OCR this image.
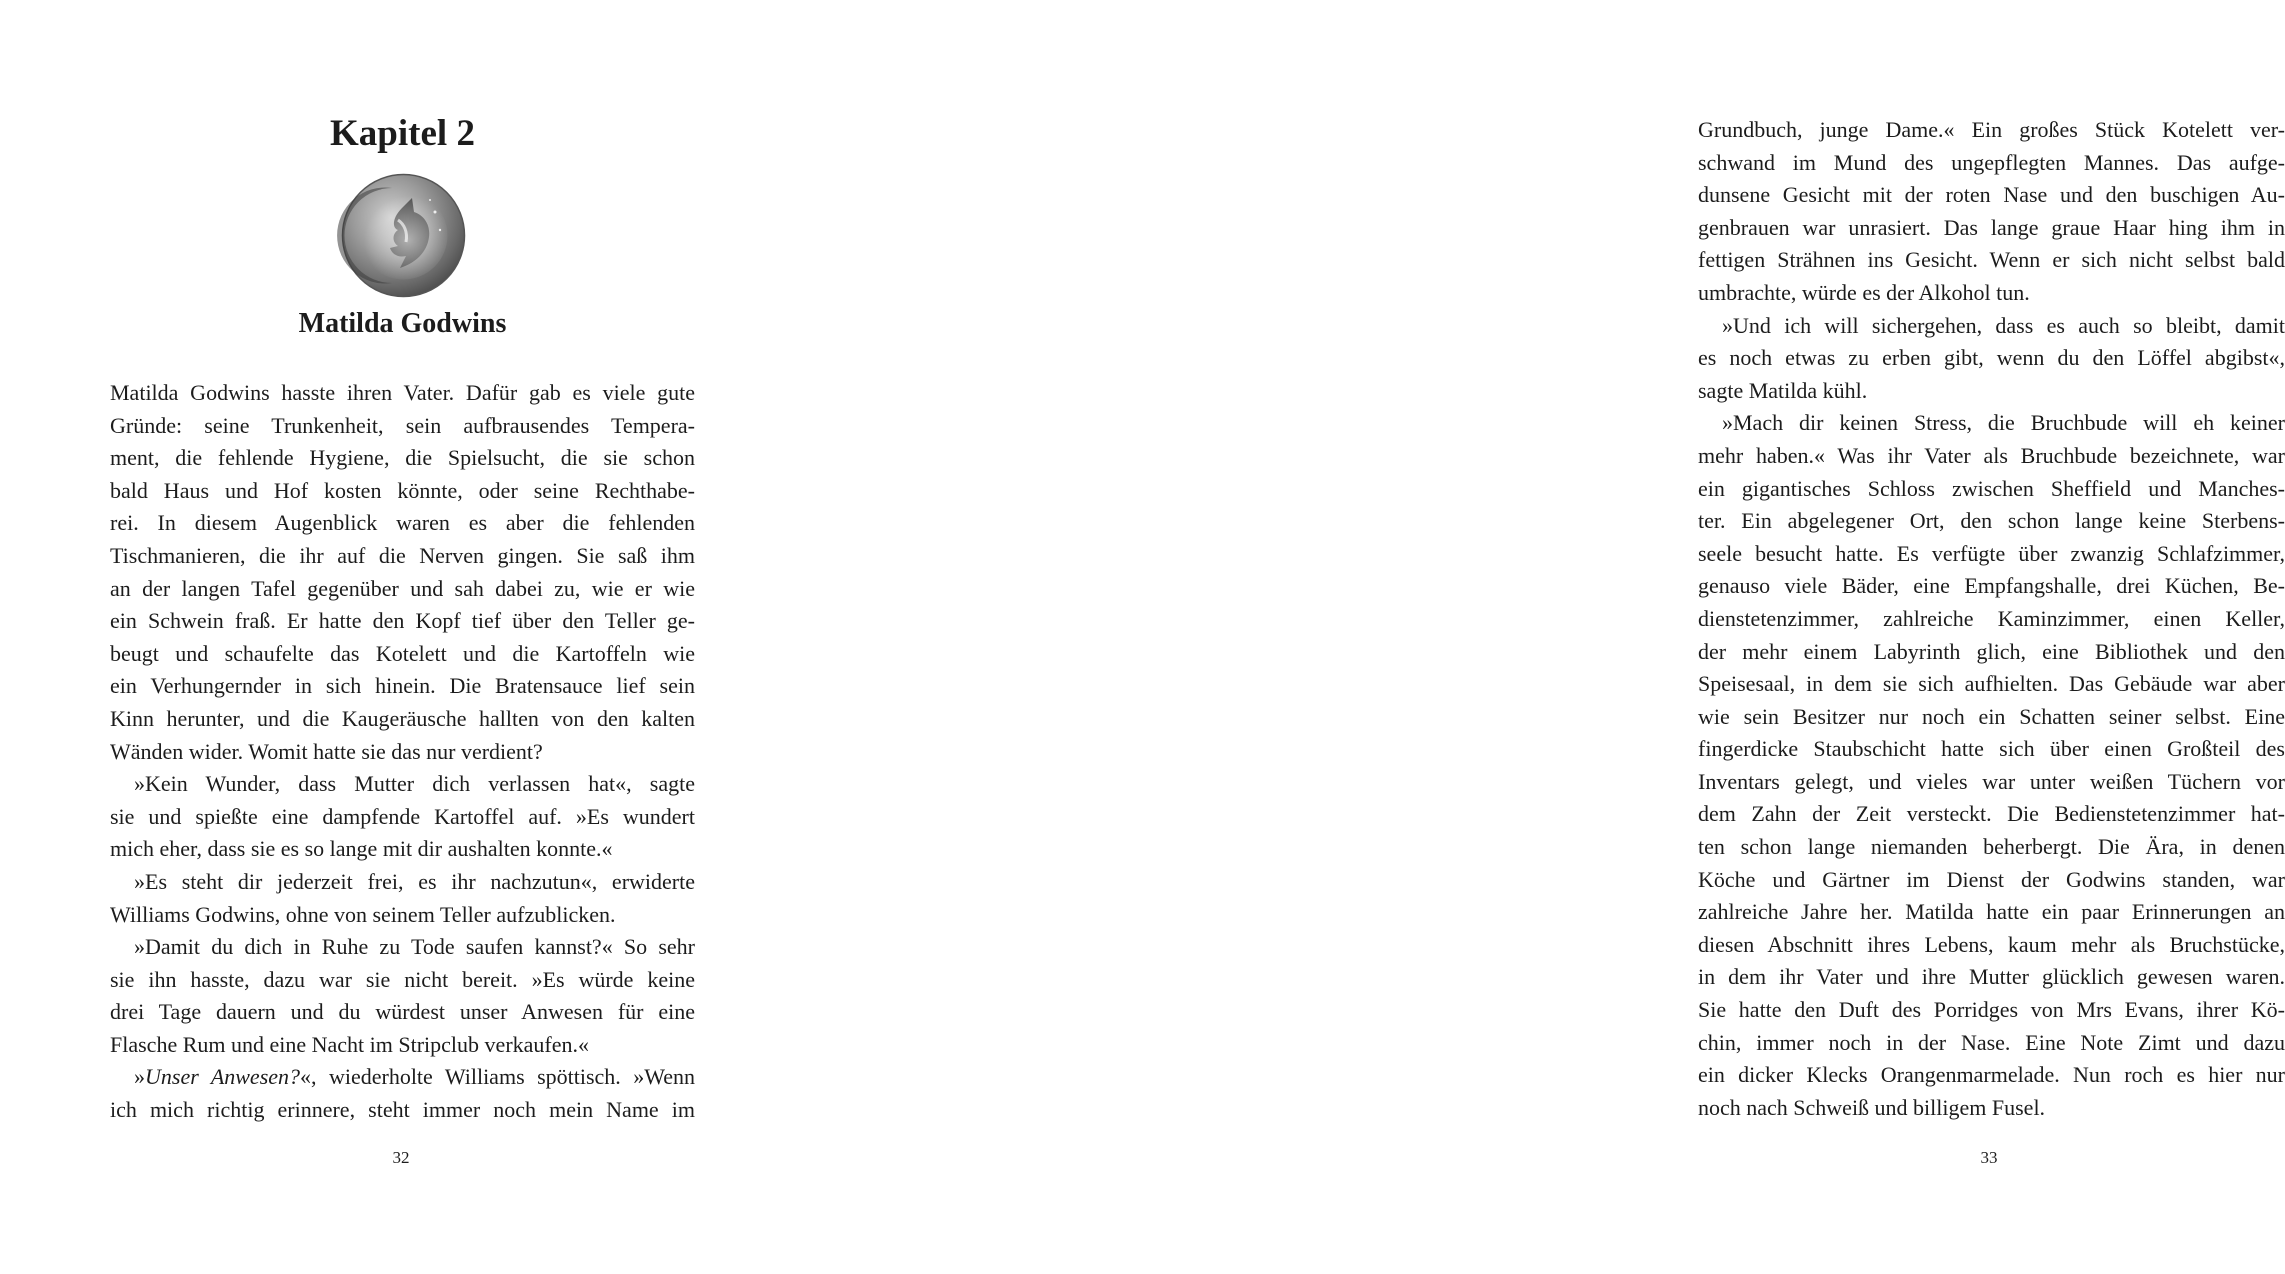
Kapitel 2
Matilda Godwins
Matilda Godwins hasste ihren Vater. Dafür gab es viele gute
Gründe: seine Trunkenheit, sein aufbrausendes Tempera-
ment, die fehlende Hygiene, die Spielsucht, die sie schon
bald Haus und Hof kosten könnte, oder seine Rechthabe-
rei. In diesem Augenblick waren es aber die fehlenden
Tischmanieren, die ihr auf die Nerven gingen. Sie saß ihm
an der langen Tafel gegenüber und sah dabei zu, wie er wie
ein Schwein fraß. Er hatte den Kopf tief über den Teller ge-
beugt und schaufelte das Kotelett und die Kartoffeln wie
ein Verhungernder in sich hinein. Die Bratensauce lief sein
Kinn herunter, und die Kaugeräusche hallten von den kalten
Wänden wider. Womit hatte sie das nur verdient?
»Kein Wunder, dass Mutter dich verlassen hat«, sagte
sie und spießte eine dampfende Kartoffel auf. »Es wundert
mich eher, dass sie es so lange mit dir aushalten konnte.«
»Es steht dir jederzeit frei, es ihr nachzutun«, erwiderte
Williams Godwins, ohne von seinem Teller aufzublicken.
»Damit du dich in Ruhe zu Tode saufen kannst?« So sehr
sie ihn hasste, dazu war sie nicht bereit. »Es würde keine
drei Tage dauern und du würdest unser Anwesen für eine
Flasche Rum und eine Nacht im Stripclub verkaufen.«
»Unser Anwesen?«, wiederholte Williams spöttisch. »Wenn
ich mich richtig erinnere, steht immer noch mein Name im
32
Grundbuch, junge Dame.« Ein großes Stück Kotelett ver-
schwand im Mund des ungepflegten Mannes. Das aufge-
dunsene Gesicht mit der roten Nase und den buschigen Au-
genbrauen war unrasiert. Das lange graue Haar hing ihm in
fettigen Strähnen ins Gesicht. Wenn er sich nicht selbst bald
umbrachte, würde es der Alkohol tun.
»Und ich will sichergehen, dass es auch so bleibt, damit
es noch etwas zu erben gibt, wenn du den Löffel abgibst«,
sagte Matilda kühl.
»Mach dir keinen Stress, die Bruchbude will eh keiner
mehr haben.« Was ihr Vater als Bruchbude bezeichnete, war
ein gigantisches Schloss zwischen Sheffield und Manches-
ter. Ein abgelegener Ort, den schon lange keine Sterbens-
seele besucht hatte. Es verfügte über zwanzig Schlafzimmer,
genauso viele Bäder, eine Empfangshalle, drei Küchen, Be-
dienstetenzimmer, zahlreiche Kaminzimmer, einen Keller,
der mehr einem Labyrinth glich, eine Bibliothek und den
Speisesaal, in dem sie sich aufhielten. Das Gebäude war aber
wie sein Besitzer nur noch ein Schatten seiner selbst. Eine
fingerdicke Staubschicht hatte sich über einen Großteil des
Inventars gelegt, und vieles war unter weißen Tüchern vor
dem Zahn der Zeit versteckt. Die Bedienstetenzimmer hat-
ten schon lange niemanden beherbergt. Die Ära, in denen
Köche und Gärtner im Dienst der Godwins standen, war
zahlreiche Jahre her. Matilda hatte ein paar Erinnerungen an
diesen Abschnitt ihres Lebens, kaum mehr als Bruchstücke,
in dem ihr Vater und ihre Mutter glücklich gewesen waren.
Sie hatte den Duft des Porridges von Mrs Evans, ihrer Kö-
chin, immer noch in der Nase. Eine Note Zimt und dazu
ein dicker Klecks Orangenmarmelade. Nun roch es hier nur
noch nach Schweiß und billigem Fusel.
33
